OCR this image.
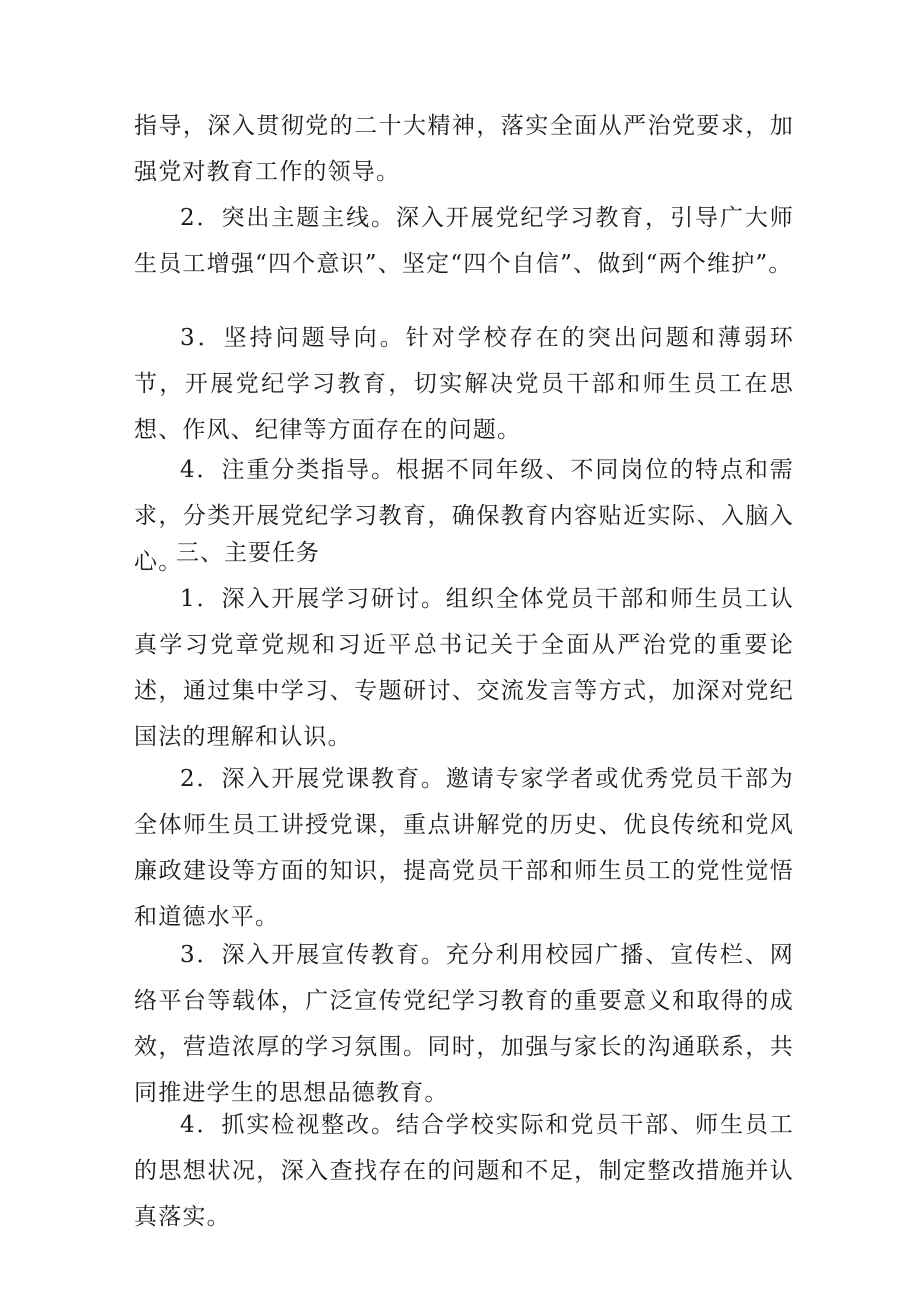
指导，深入贯彻党的二十大精神，落实全面从严治党要求，加强党对教育工作的领导。

2．突出主题主线。深入开展党纪学习教育，引导广大师生员工增强“四个意识”、坚定“四个自信”、做到“两个维护”。

3．坚持问题导向。针对学校存在的突出问题和薄弱环节，开展党纪学习教育，切实解决党员干部和师生员工在思想、作风、纪律等方面存在的问题。

4．注重分类指导。根据不同年级、不同岗位的特点和需求，分类开展党纪学习教育，确保教育内容贴近实际、入脑入心。

三、主要任务

1．深入开展学习研讨。组织全体党员干部和师生员工认真学习党章党规和习近平总书记关于全面从严治党的重要论述，通过集中学习、专题研讨、交流发言等方式，加深对党纪国法的理解和认识。

2．深入开展党课教育。邀请专家学者或优秀党员干部为全体师生员工讲授党课，重点讲解党的历史、优良传统和党风廉政建设等方面的知识，提高党员干部和师生员工的党性觉悟和道德水平。

3．深入开展宣传教育。充分利用校园广播、宣传栏、网络平台等载体，广泛宣传党纪学习教育的重要意义和取得的成效，营造浓厚的学习氛围。同时，加强与家长的沟通联系，共同推进学生的思想品德教育。

4．抓实检视整改。结合学校实际和党员干部、师生员工的思想状况，深入查找存在的问题和不足，制定整改措施并认真落实。
